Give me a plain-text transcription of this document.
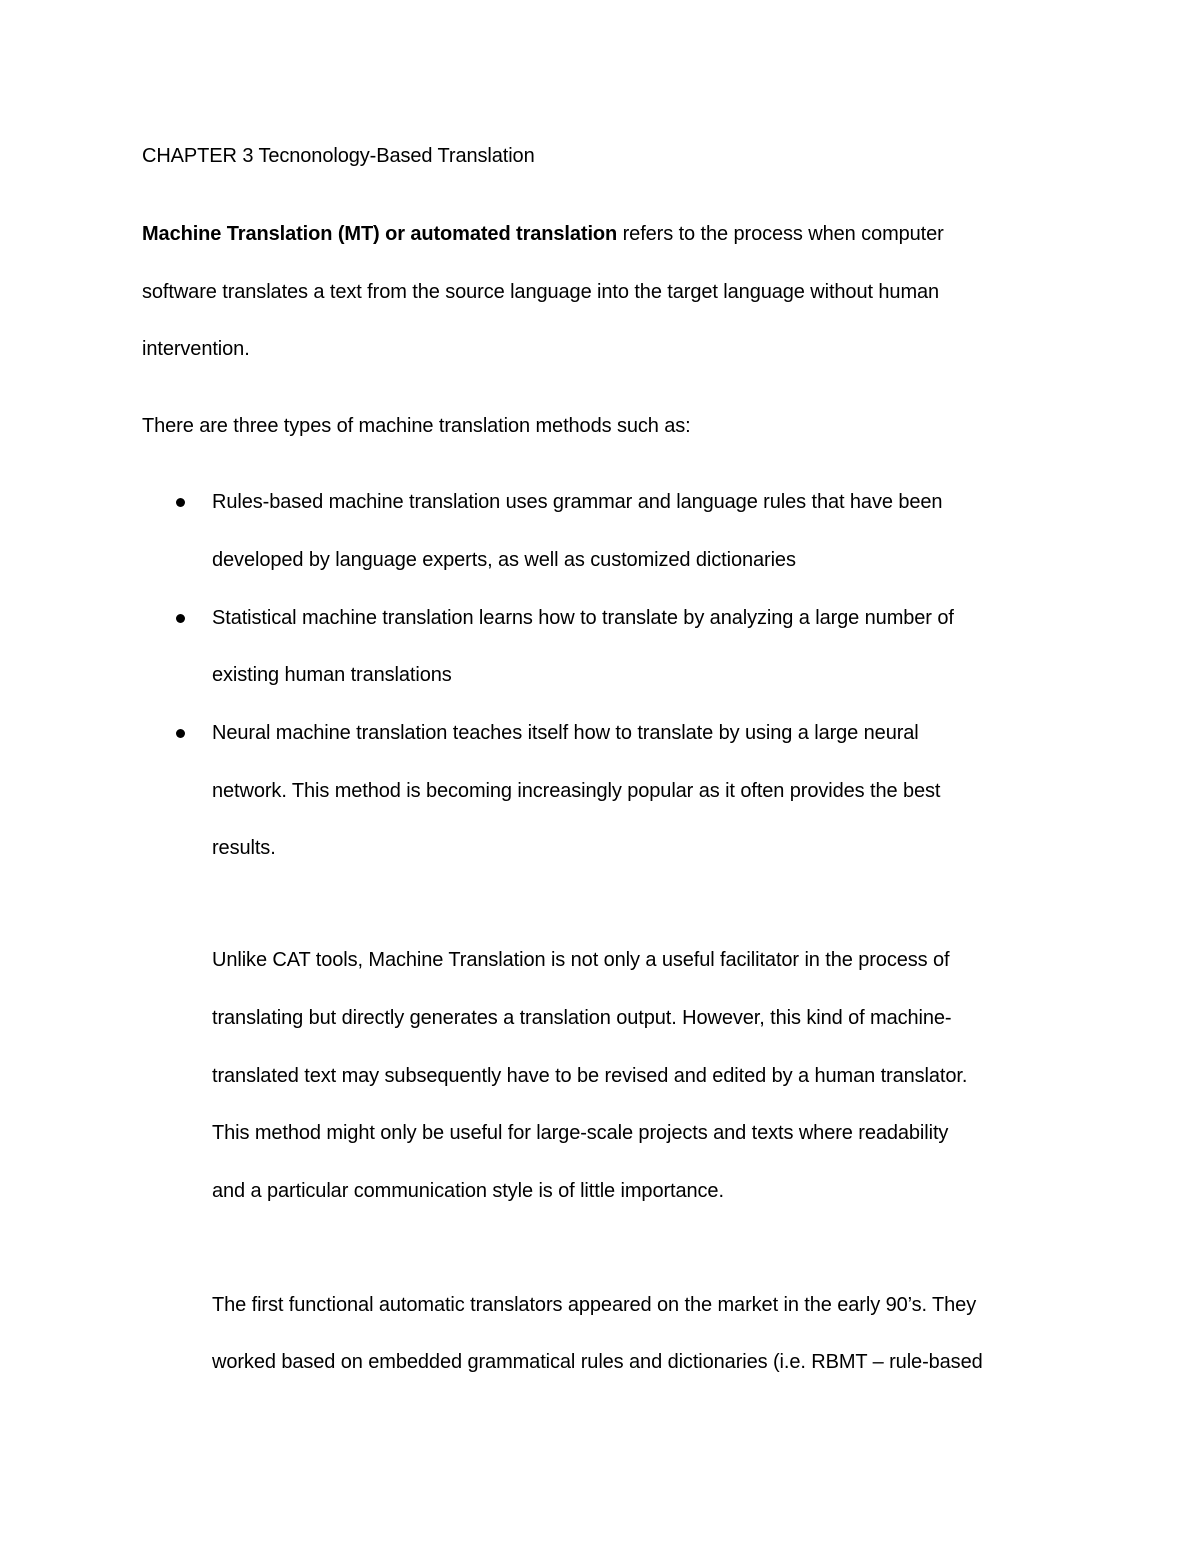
CHAPTER 3 Tecnonology-Based Translation
Machine Translation (MT) or automated translation refers to the process when computer
software translates a text from the source language into the target language without human
intervention.
There are three types of machine translation methods such as:
Rules-based machine translation uses grammar and language rules that have been
developed by language experts, as well as customized dictionaries
Statistical machine translation learns how to translate by analyzing a large number of
existing human translations
Neural machine translation teaches itself how to translate by using a large neural
network. This method is becoming increasingly popular as it often provides the best
results.
Unlike CAT tools, Machine Translation is not only a useful facilitator in the process of
translating but directly generates a translation output. However, this kind of machine-
translated text may subsequently have to be revised and edited by a human translator.
This method might only be useful for large-scale projects and texts where readability
and a particular communication style is of little importance.
The first functional automatic translators appeared on the market in the early 90’s. They
worked based on embedded grammatical rules and dictionaries (i.e. RBMT – rule-based
